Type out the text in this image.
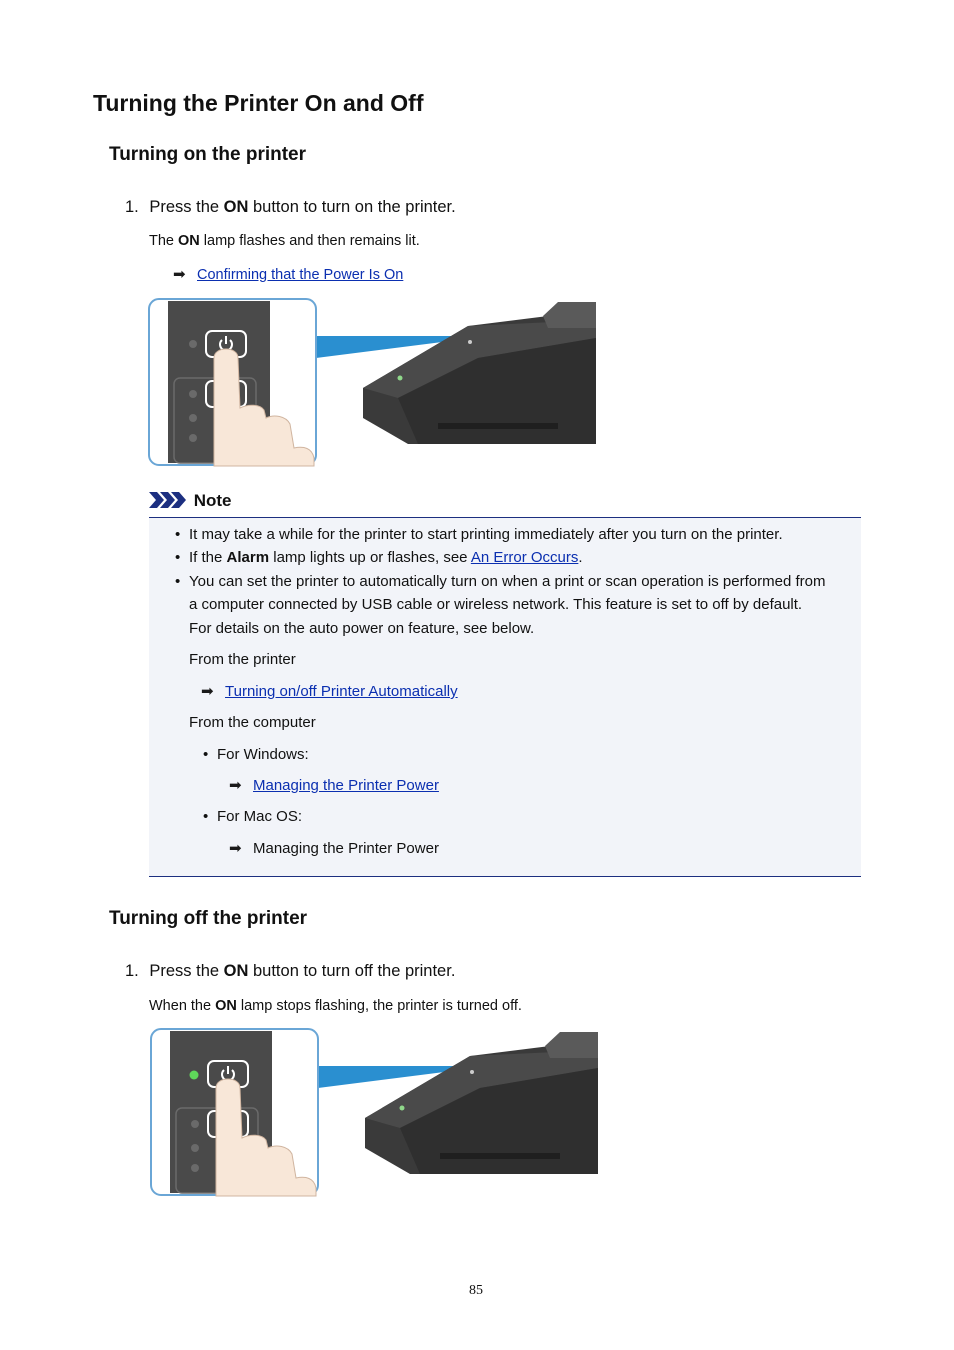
Turning the Printer On and Off
Turning on the printer
1. Press the ON button to turn on the printer.
The ON lamp flashes and then remains lit.
➡ Confirming that the Power Is On
Note
• It may take a while for the printer to start printing immediately after you turn on the printer.
• If the Alarm lamp lights up or flashes, see An Error Occurs.
• You can set the printer to automatically turn on when a print or scan operation is performed from
a computer connected by USB cable or wireless network. This feature is set to off by default.
For details on the auto power on feature, see below.
From the printer
➡ Turning on/off Printer Automatically
From the computer
• For Windows:
➡ Managing the Printer Power
• For Mac OS:
➡ Managing the Printer Power
Turning off the printer
1. Press the ON button to turn off the printer.
When the ON lamp stops flashing, the printer is turned off.
85
